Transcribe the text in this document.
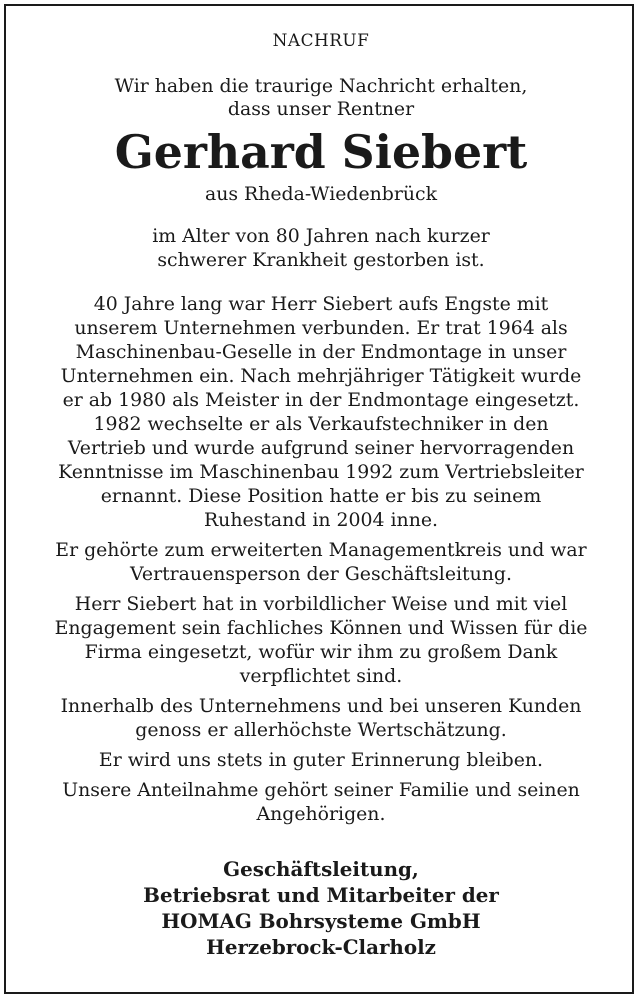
NACHRUF
Wir haben die traurige Nachricht erhalten,
dass unser Rentner
Gerhard Siebert
aus Rheda-Wiedenbrück
im Alter von 80 Jahren nach kurzer
schwerer Krankheit gestorben ist.
40 Jahre lang war Herr Siebert aufs Engste mit
unserem Unternehmen verbunden. Er trat 1964 als
Maschinenbau-Geselle in der Endmontage in unser
Unternehmen ein. Nach mehrjähriger Tätigkeit wurde
er ab 1980 als Meister in der Endmontage eingesetzt.
1982 wechselte er als Verkaufstechniker in den
Vertrieb und wurde aufgrund seiner hervorragenden
Kenntnisse im Maschinenbau 1992 zum Vertriebsleiter
ernannt. Diese Position hatte er bis zu seinem
Ruhestand in 2004 inne.
Er gehörte zum erweiterten Managementkreis und war
Vertrauensperson der Geschäftsleitung.
Herr Siebert hat in vorbildlicher Weise und mit viel
Engagement sein fachliches Können und Wissen für die
Firma eingesetzt, wofür wir ihm zu großem Dank
verpflichtet sind.
Innerhalb des Unternehmens und bei unseren Kunden
genoss er allerhöchste Wertschätzung.
Er wird uns stets in guter Erinnerung bleiben.
Unsere Anteilnahme gehört seiner Familie und seinen
Angehörigen.
Geschäftsleitung,
Betriebsrat und Mitarbeiter der
HOMAG Bohrsysteme GmbH
Herzebrock-Clarholz
